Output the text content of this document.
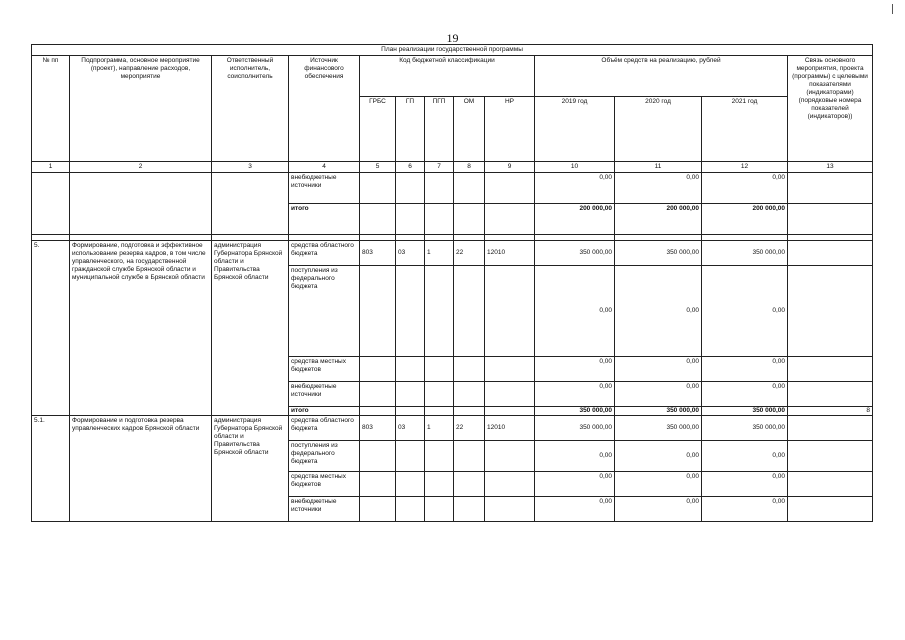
19
План реализации государственной программы												
№ пп	Подпрограмма, основное мероприятие (проект), направление расходов, мероприятие	Ответственный исполнитель, соисполнитель	Источник финансового обеспечения	Код бюджетной классификации					Объём средств на реализацию, рублей			Связь основного мероприятия, проекта (программы) с целевыми показателями (индикаторами) (порядковые номера показателей (индикаторов))
				ГРБС	ГП	ПГП	ОМ	НР	2019 год	2020 год	2021 год	
1	2	3	4	5	6	7	8	9	10	11	12	13
			внебюджетные источники						0,00	0,00	0,00	
			итого						200 000,00	200 000,00	200 000,00	

5.	Формирование, подготовка и эффективное использование резерва кадров, в том числе управленческого, на государственной гражданской службе Брянской области и муниципальной службе в Брянской области	администрация Губернатора Брянской области и Правительства Брянской области	средства областного бюджета	803	03	1	22	12010	350 000,00	350 000,00	350 000,00	
			поступления из федерального бюджета						0,00	0,00	0,00	
			средства местных бюджетов						0,00	0,00	0,00	
			внебюджетные источники						0,00	0,00	0,00	
			итого						350 000,00	350 000,00	350 000,00	8
5.1.	Формирование и подготовка резерва управленческих кадров Брянской области	администрация Губернатора Брянской области и Правительства Брянской области	средства областного бюджета	803	03	1	22	12010	350 000,00	350 000,00	350 000,00	
			поступления из федерального бюджета						0,00	0,00	0,00	
			средства местных бюджетов						0,00	0,00	0,00	
			внебюджетные источники						0,00	0,00	0,00	
